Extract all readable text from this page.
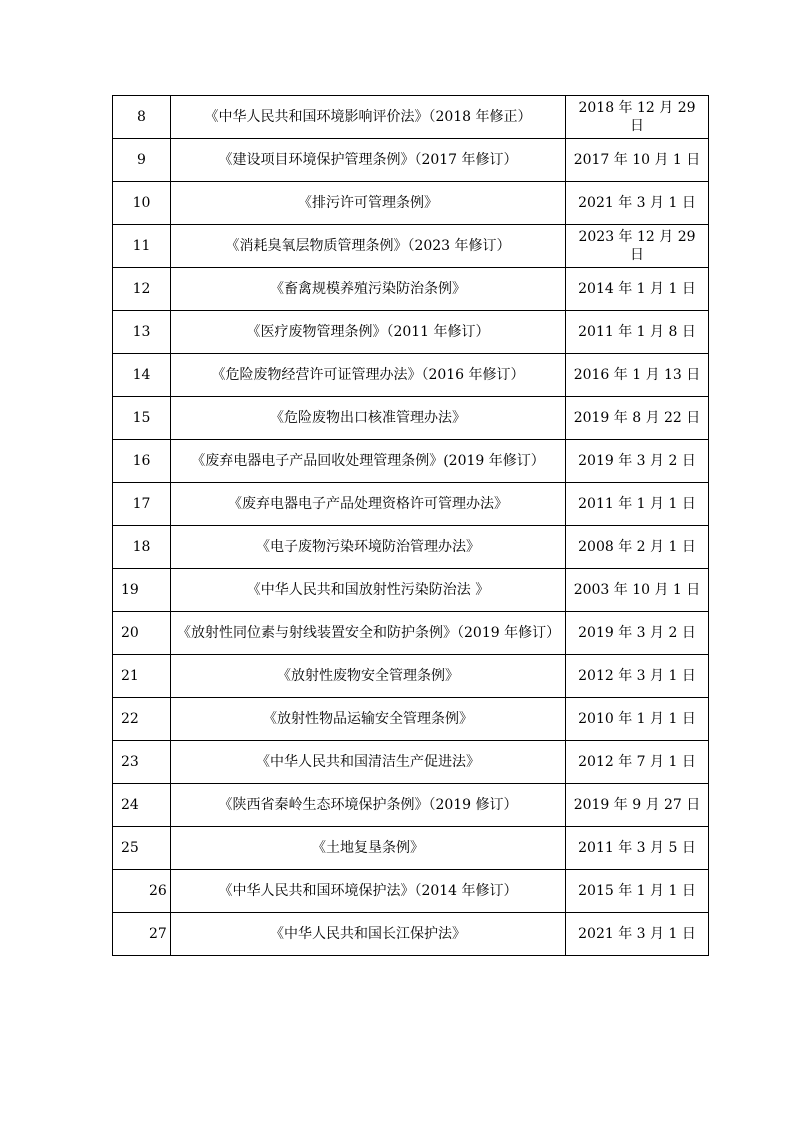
8	《中华人民共和国环境影响评价法》（2018 年修正）	2018 年 12 月 29 日
9	《建设项目环境保护管理条例》（2017 年修订）	2017 年 10 月 1 日
10	《排污许可管理条例》	2021 年 3 月 1 日
11	《消耗臭氧层物质管理条例》（2023 年修订）	2023 年 12 月 29 日
12	《畜禽规模养殖污染防治条例》	2014 年 1 月 1 日
13	《医疗废物管理条例》（2011 年修订）	2011 年 1 月 8 日
14	《危险废物经营许可证管理办法》（2016 年修订）	2016 年 1 月 13 日
15	《危险废物出口核准管理办法》	2019 年 8 月 22 日
16	《废弃电器电子产品回收处理管理条例》(2019 年修订）	2019 年 3 月 2 日
17	《废弃电器电子产品处理资格许可管理办法》	2011 年 1 月 1 日
18	《电子废物污染环境防治管理办法》	2008 年 2 月 1 日
19	《中华人民共和国放射性污染防治法 》	2003 年 10 月 1 日
20	《放射性同位素与射线装置安全和防护条例》（2019 年修订）	2019 年 3 月 2 日
21	《放射性废物安全管理条例》	2012 年 3 月 1 日
22	《放射性物品运输安全管理条例》	2010 年 1 月 1 日
23	《中华人民共和国清洁生产促进法》	2012 年 7 月 1 日
24	《陕西省秦岭生态环境保护条例》（2019 修订）	2019 年 9 月 27 日
25	《土地复垦条例》	2011 年 3 月 5 日
26	《中华人民共和国环境保护法》（2014 年修订）	2015 年 1 月 1 日
27	《中华人民共和国长江保护法》	2021 年 3 月 1 日
